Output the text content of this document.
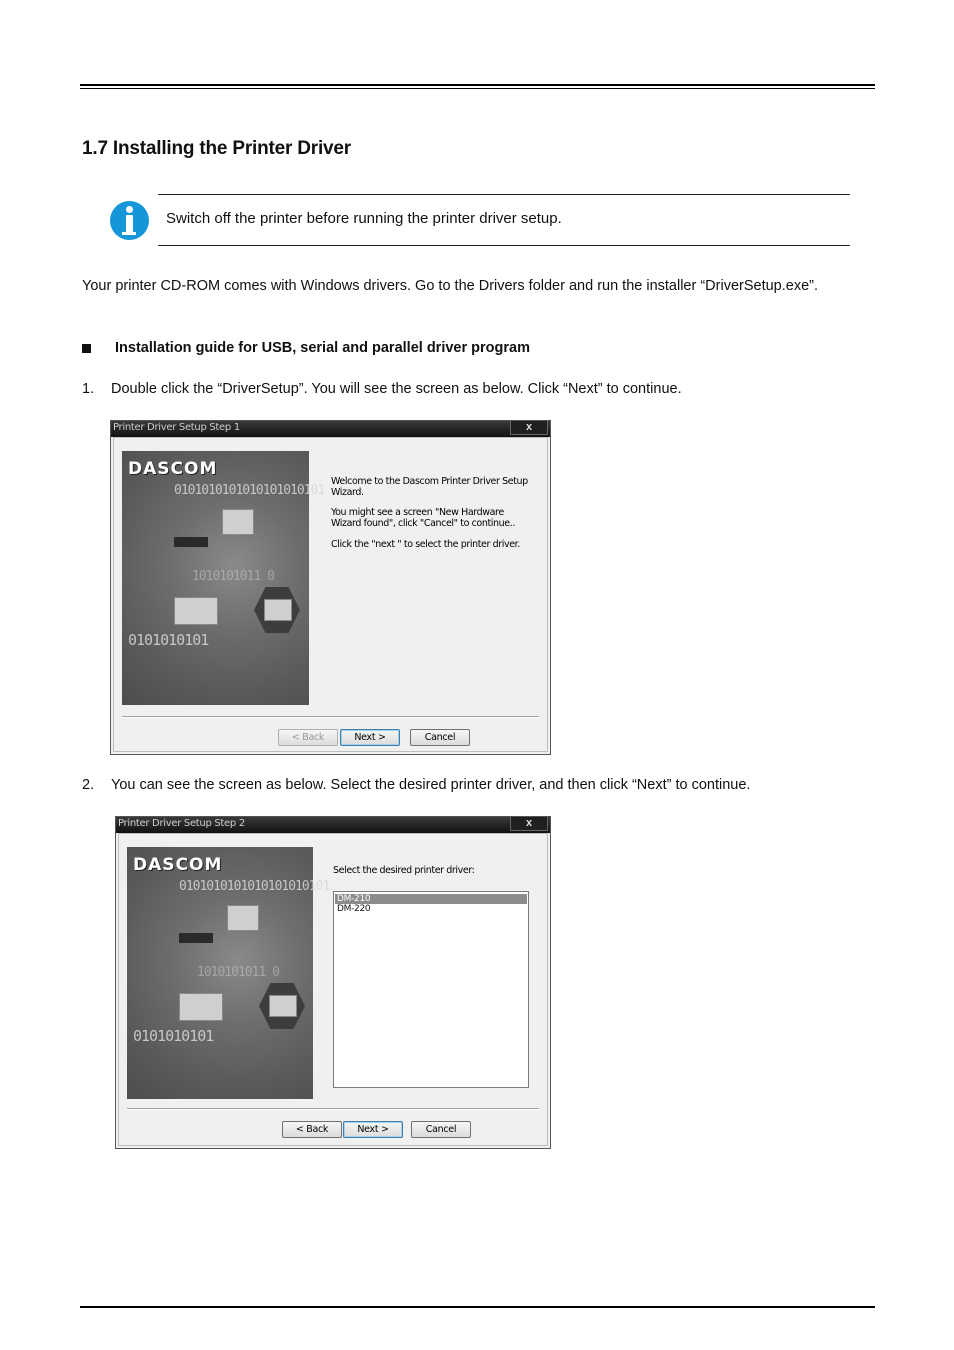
1.7 Installing the Printer Driver
Switch off the printer before running the printer driver setup.
Your printer CD-ROM comes with Windows drivers. Go to the Drivers folder and run the installer “DriverSetup.exe”.
Installation guide for USB, serial and parallel driver program
1. Double click the “DriverSetup”. You will see the screen as below. Click “Next” to continue.
Printer Driver Setup Step 1	x
DASCOM
0101010101010101010101
1010101011 0
0101010101
Welcome to the Dascom Printer Driver Setup Wizard.
You might see a screen "New Hardware Wizard found", click "Cancel" to continue..
Click the "next " to select the printer driver.
< Back	Next >	Cancel
2. You can see the screen as below. Select the desired printer driver, and then click “Next” to continue.
Printer Driver Setup Step 2	x
DASCOM
0101010101010101010101
1010101011 0
0101010101
Select the desired printer driver:
DM-210
DM-220
< Back	Next >	Cancel
